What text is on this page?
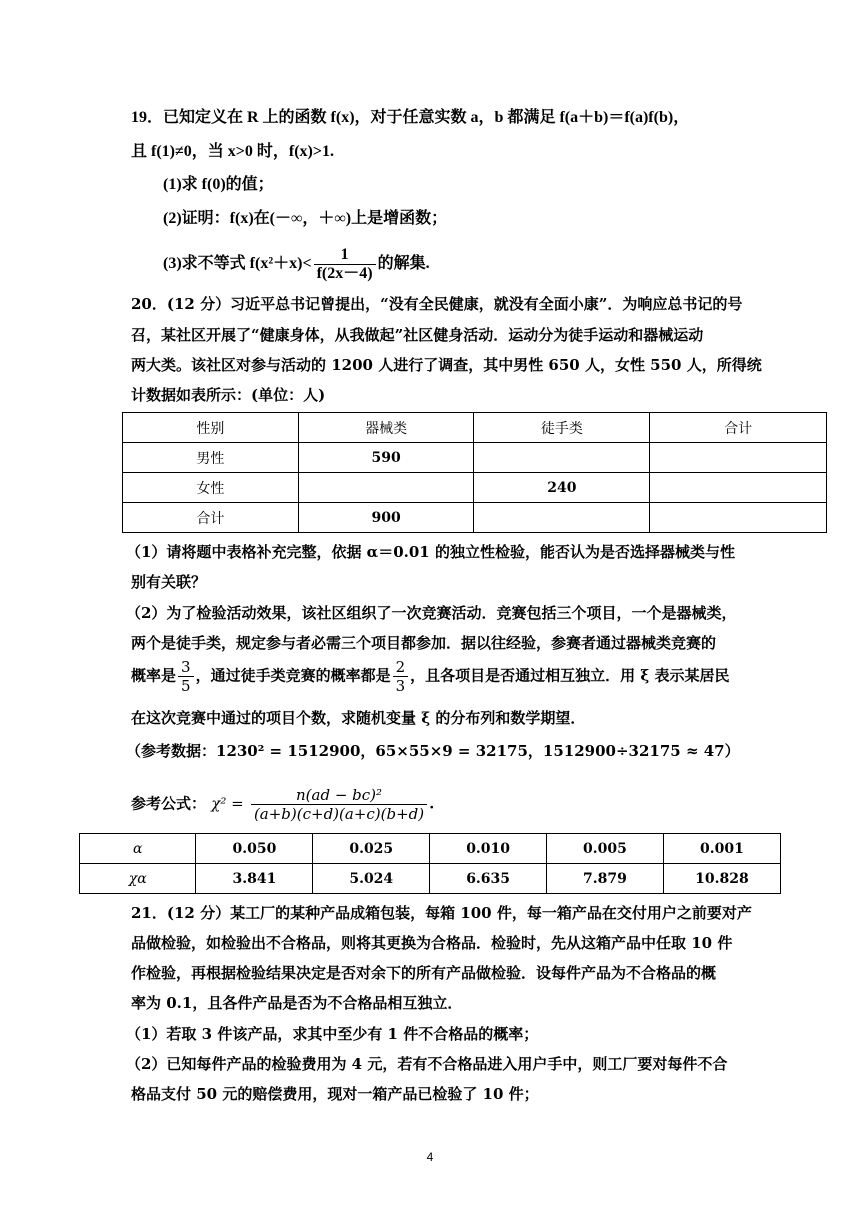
19．已知定义在 R 上的函数 f(x)，对于任意实数 a，b 都满足 f(a＋b)＝f(a)f(b)，
且 f(1)≠0，当 x>0 时，f(x)>1.
(1)求 f(0)的值；
(2)证明：f(x)在(－∞，＋∞)上是增函数；
(3)求不等式 $f(x^2+x)< \frac{1}{f(2x-4)}$ 的解集.
20．(12 分）习近平总书记曾提出，“没有全民健康，就没有全面小康”．为响应总书记的号
召，某社区开展了“健康身体，从我做起”社区健身活动．运动分为徒手运动和器械运动
两大类。该社区对参与活动的 1200 人进行了调查，其中男性 650 人，女性 550 人，所得统
计数据如表所示：(单位：人)
性别	器械类	徒手类	合计
男性	590		
女性		240	
合计	900		
（1）请将题中表格补充完整，依据 α＝0.01 的独立性检验，能否认为是否选择器械类与性
别有关联？
（2）为了检验活动效果，该社区组织了一次竞赛活动．竞赛包括三个项目，一个是器械类，
两个是徒手类，规定参与者必需三个项目都参加．据以往经验，参赛者通过器械类竞赛的
概率是 $\frac{3}{5}$ ，通过徒手类竞赛的概率都是 $\frac{2}{3}$ ，且各项目是否通过相互独立．用 ξ 表示某居民
在这次竞赛中通过的项目个数，求随机变量 ξ 的分布列和数学期望．
（参考数据：1230² = 1512900，65×55×9 = 32175，1512900÷32175 ≈ 47）
参考公式： $\chi^2 = \frac{\text{n(ad − bc)²}}{(a+b)(c+d)(a+c)(b+d)}$ .
α	0.050	0.025	0.010	0.005	0.001
χα	3.841	5.024	6.635	7.879	10.828
21．(12 分）某工厂的某种产品成箱包装，每箱 100 件，每一箱产品在交付用户之前要对产
品做检验，如检验出不合格品，则将其更换为合格品．检验时，先从这箱产品中任取 10 件
作检验，再根据检验结果决定是否对余下的所有产品做检验．设每件产品为不合格品的概
率为 0.1，且各件产品是否为不合格品相互独立．
（1）若取 3 件该产品，求其中至少有 1 件不合格品的概率；
（2）已知每件产品的检验费用为 4 元，若有不合格品进入用户手中，则工厂要对每件不合
格品支付 50 元的赔偿费用，现对一箱产品已检验了 10 件；
4
